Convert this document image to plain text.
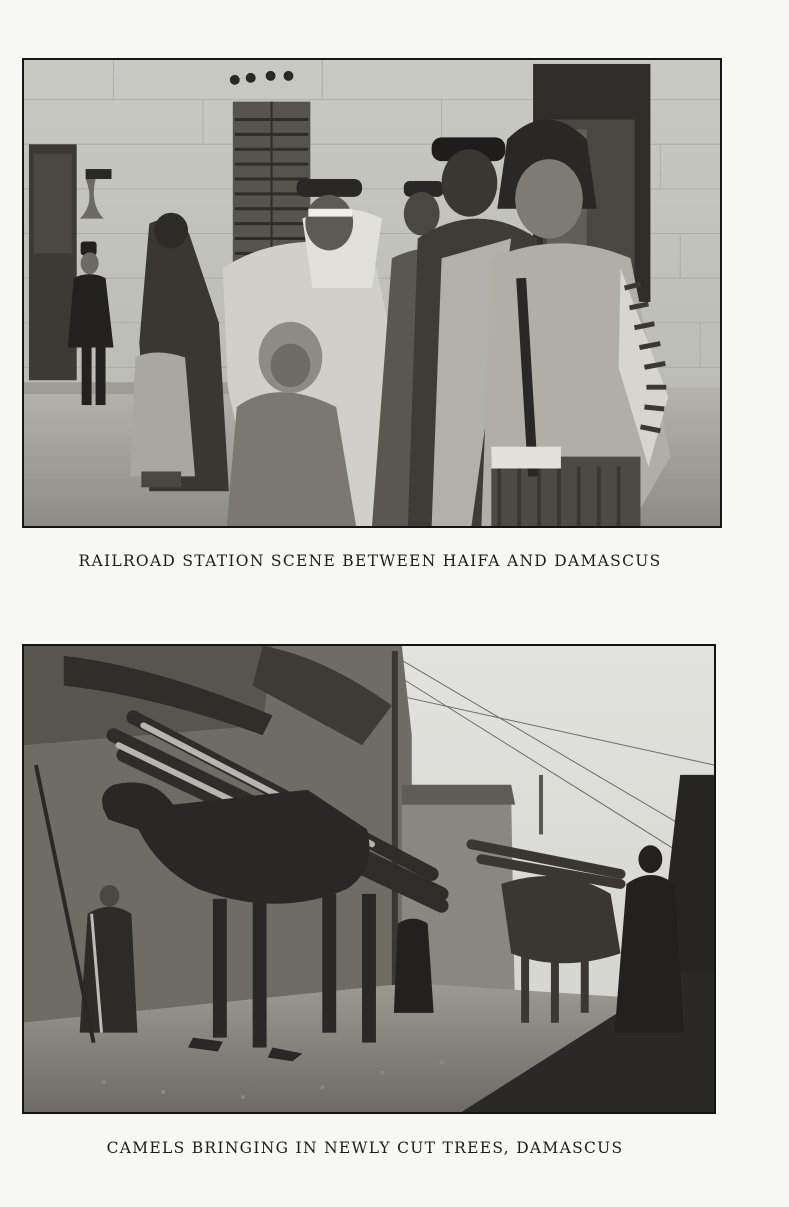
RAILROAD STATION SCENE BETWEEN HAIFA AND DAMASCUS
CAMELS BRINGING IN NEWLY CUT TREES, DAMASCUS
